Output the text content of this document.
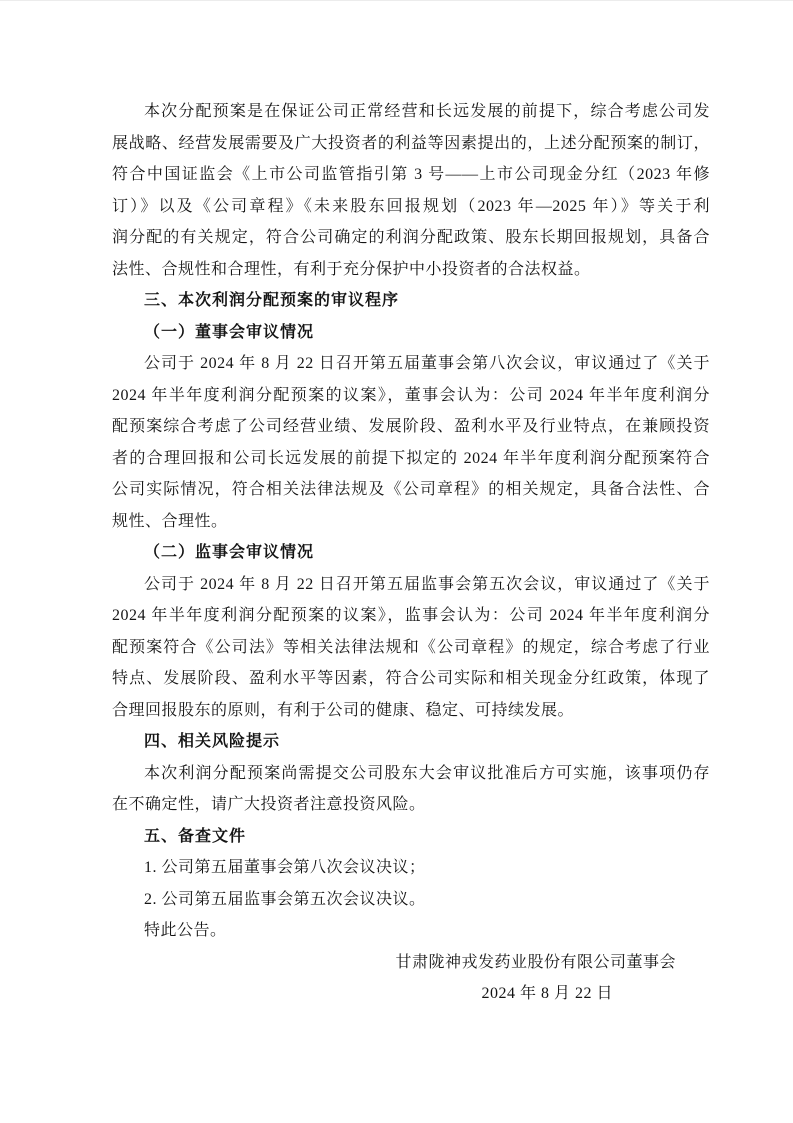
本次分配预案是在保证公司正常经营和长远发展的前提下，综合考虑公司发
展战略、经营发展需要及广大投资者的利益等因素提出的，上述分配预案的制订，
符合中国证监会《上市公司监管指引第 3 号——上市公司现金分红（2023 年修
订）》以及《公司章程》《未来股东回报规划（2023 年—2025 年）》等关于利
润分配的有关规定，符合公司确定的利润分配政策、股东长期回报规划，具备合
法性、合规性和合理性，有利于充分保护中小投资者的合法权益。
三、本次利润分配预案的审议程序
（一）董事会审议情况
公司于 2024 年 8 月 22 日召开第五届董事会第八次会议，审议通过了《关于
2024 年半年度利润分配预案的议案》，董事会认为：公司 2024 年半年度利润分
配预案综合考虑了公司经营业绩、发展阶段、盈利水平及行业特点，在兼顾投资
者的合理回报和公司长远发展的前提下拟定的 2024 年半年度利润分配预案符合
公司实际情况，符合相关法律法规及《公司章程》的相关规定，具备合法性、合
规性、合理性。
（二）监事会审议情况
公司于 2024 年 8 月 22 日召开第五届监事会第五次会议，审议通过了《关于
2024 年半年度利润分配预案的议案》，监事会认为：公司 2024 年半年度利润分
配预案符合《公司法》等相关法律法规和《公司章程》的规定，综合考虑了行业
特点、发展阶段、盈利水平等因素，符合公司实际和相关现金分红政策，体现了
合理回报股东的原则，有利于公司的健康、稳定、可持续发展。
四、相关风险提示
本次利润分配预案尚需提交公司股东大会审议批准后方可实施，该事项仍存
在不确定性，请广大投资者注意投资风险。
五、备查文件
1. 公司第五届董事会第八次会议决议；
2. 公司第五届监事会第五次会议决议。
特此公告。
甘肃陇神戎发药业股份有限公司董事会
2024 年 8 月 22 日
